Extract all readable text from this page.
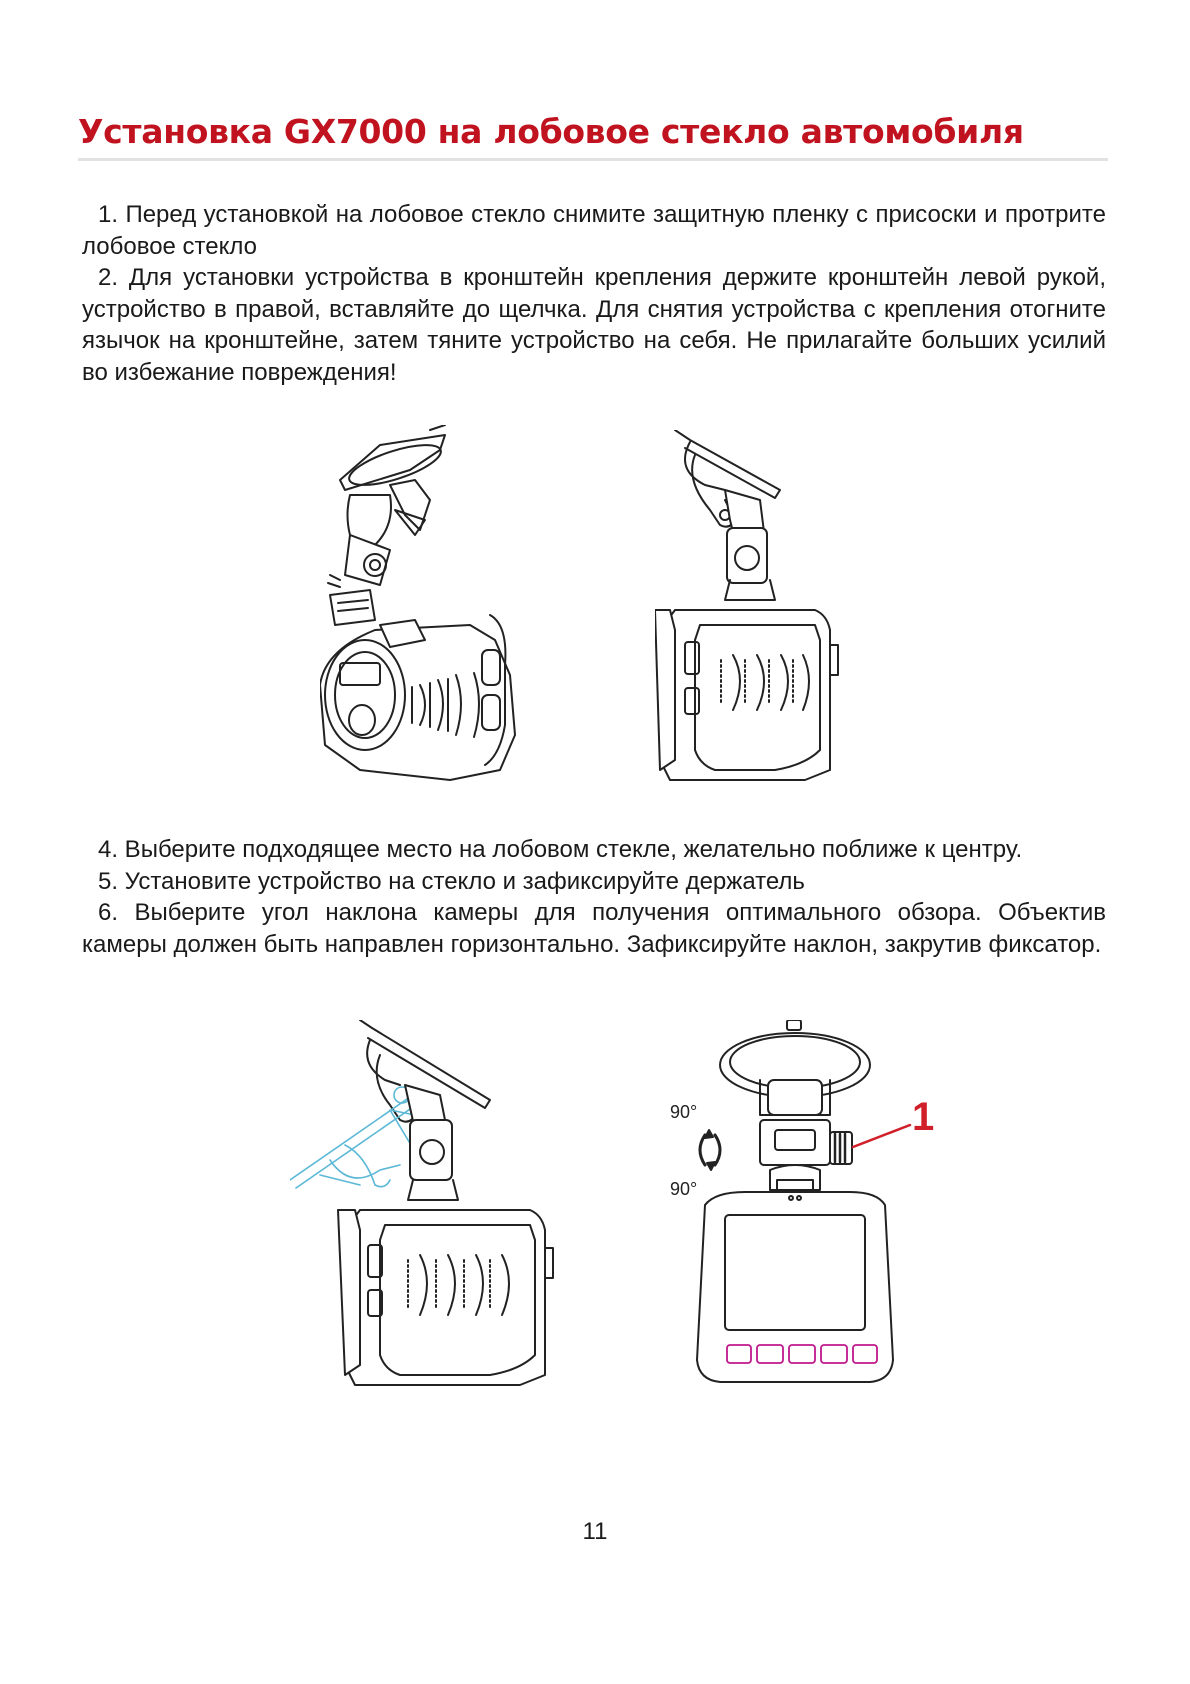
Установка GX7000 на лобовое стекло автомобиля

1. Перед установкой на лобовое стекло снимите защитную пленку с присоски и протрите лобовое стекло

2. Для установки устройства в кронштейн крепления держите кронштейн левой рукой, устройство в правой, вставляйте до щелчка. Для снятия устройства с крепления отогните язычок на кронштейне, затем тяните устройство на себя. Не прилагайте больших усилий во избежание повреждения!

4. Выберите подходящее место на лобовом стекле, желательно поближе к центру.

5. Установите устройство на стекло и зафиксируйте держатель

6. Выберите угол наклона камеры для получения оптимального обзора. Объектив камеры должен быть направлен горизонтально. Зафиксируйте наклон, закрутив фиксатор.

90°
90°
1
11
